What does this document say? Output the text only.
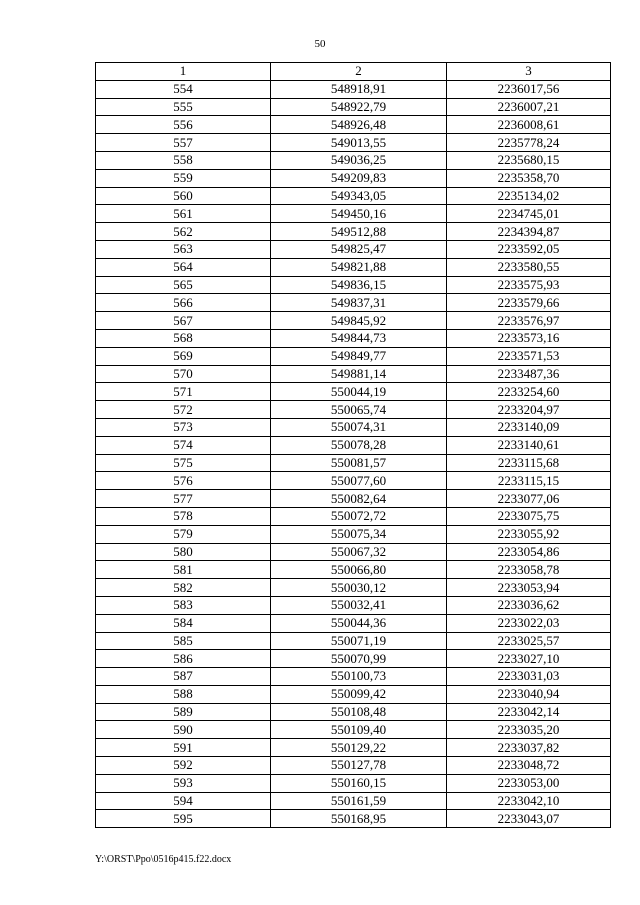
50
1	2	3
554	548918,91	2236017,56
555	548922,79	2236007,21
556	548926,48	2236008,61
557	549013,55	2235778,24
558	549036,25	2235680,15
559	549209,83	2235358,70
560	549343,05	2235134,02
561	549450,16	2234745,01
562	549512,88	2234394,87
563	549825,47	2233592,05
564	549821,88	2233580,55
565	549836,15	2233575,93
566	549837,31	2233579,66
567	549845,92	2233576,97
568	549844,73	2233573,16
569	549849,77	2233571,53
570	549881,14	2233487,36
571	550044,19	2233254,60
572	550065,74	2233204,97
573	550074,31	2233140,09
574	550078,28	2233140,61
575	550081,57	2233115,68
576	550077,60	2233115,15
577	550082,64	2233077,06
578	550072,72	2233075,75
579	550075,34	2233055,92
580	550067,32	2233054,86
581	550066,80	2233058,78
582	550030,12	2233053,94
583	550032,41	2233036,62
584	550044,36	2233022,03
585	550071,19	2233025,57
586	550070,99	2233027,10
587	550100,73	2233031,03
588	550099,42	2233040,94
589	550108,48	2233042,14
590	550109,40	2233035,20
591	550129,22	2233037,82
592	550127,78	2233048,72
593	550160,15	2233053,00
594	550161,59	2233042,10
595	550168,95	2233043,07
Y:\ORST\Ppo\0516p415.f22.docx
